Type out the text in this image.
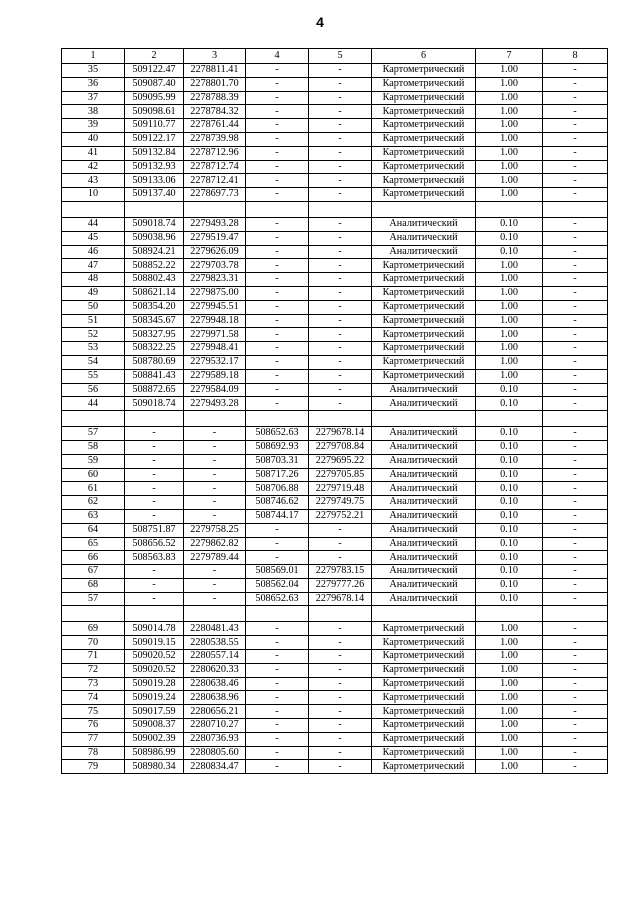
4
1	2	3	4	5	6	7	8
35	509122.47	2278811.41	-	-	Картометрический	1.00	-
36	509087.40	2278801.70	-	-	Картометрический	1.00	-
37	509095.99	2278788.39	-	-	Картометрический	1.00	-
38	509098.61	2278784.32	-	-	Картометрический	1.00	-
39	509110.77	2278761.44	-	-	Картометрический	1.00	-
40	509122.17	2278739.98	-	-	Картометрический	1.00	-
41	509132.84	2278712.96	-	-	Картометрический	1.00	-
42	509132.93	2278712.74	-	-	Картометрический	1.00	-
43	509133.06	2278712.41	-	-	Картометрический	1.00	-
10	509137.40	2278697.73	-	-	Картометрический	1.00	-

44	509018.74	2279493.28	-	-	Аналитический	0.10	-
45	509038.96	2279519.47	-	-	Аналитический	0.10	-
46	508924.21	2279626.09	-	-	Аналитический	0.10	-
47	508852.22	2279703.78	-	-	Картометрический	1.00	-
48	508802.43	2279823.31	-	-	Картометрический	1.00	-
49	508621.14	2279875.00	-	-	Картометрический	1.00	-
50	508354.20	2279945.51	-	-	Картометрический	1.00	-
51	508345.67	2279948.18	-	-	Картометрический	1.00	-
52	508327.95	2279971.58	-	-	Картометрический	1.00	-
53	508322.25	2279948.41	-	-	Картометрический	1.00	-
54	508780.69	2279532.17	-	-	Картометрический	1.00	-
55	508841.43	2279589.18	-	-	Картометрический	1.00	-
56	508872.65	2279584.09	-	-	Аналитический	0.10	-
44	509018.74	2279493.28	-	-	Аналитический	0.10	-

57	-	-	508652.63	2279678.14	Аналитический	0.10	-
58	-	-	508692.93	2279708.84	Аналитический	0.10	-
59	-	-	508703.31	2279695.22	Аналитический	0.10	-
60	-	-	508717.26	2279705.85	Аналитический	0.10	-
61	-	-	508706.88	2279719.48	Аналитический	0.10	-
62	-	-	508746.62	2279749.75	Аналитический	0.10	-
63	-	-	508744.17	2279752.21	Аналитический	0.10	-
64	508751.87	2279758.25	-	-	Аналитический	0.10	-
65	508656.52	2279862.82	-	-	Аналитический	0.10	-
66	508563.83	2279789.44	-	-	Аналитический	0.10	-
67	-	-	508569.01	2279783.15	Аналитический	0.10	-
68	-	-	508562.04	2279777.26	Аналитический	0.10	-
57	-	-	508652.63	2279678.14	Аналитический	0.10	-

69	509014.78	2280481.43	-	-	Картометрический	1.00	-
70	509019.15	2280538.55	-	-	Картометрический	1.00	-
71	509020.52	2280557.14	-	-	Картометрический	1.00	-
72	509020.52	2280620.33	-	-	Картометрический	1.00	-
73	509019.28	2280638.46	-	-	Картометрический	1.00	-
74	509019.24	2280638.96	-	-	Картометрический	1.00	-
75	509017.59	2280656.21	-	-	Картометрический	1.00	-
76	509008.37	2280710.27	-	-	Картометрический	1.00	-
77	509002.39	2280736.93	-	-	Картометрический	1.00	-
78	508986.99	2280805.60	-	-	Картометрический	1.00	-
79	508980.34	2280834.47	-	-	Картометрический	1.00	-
